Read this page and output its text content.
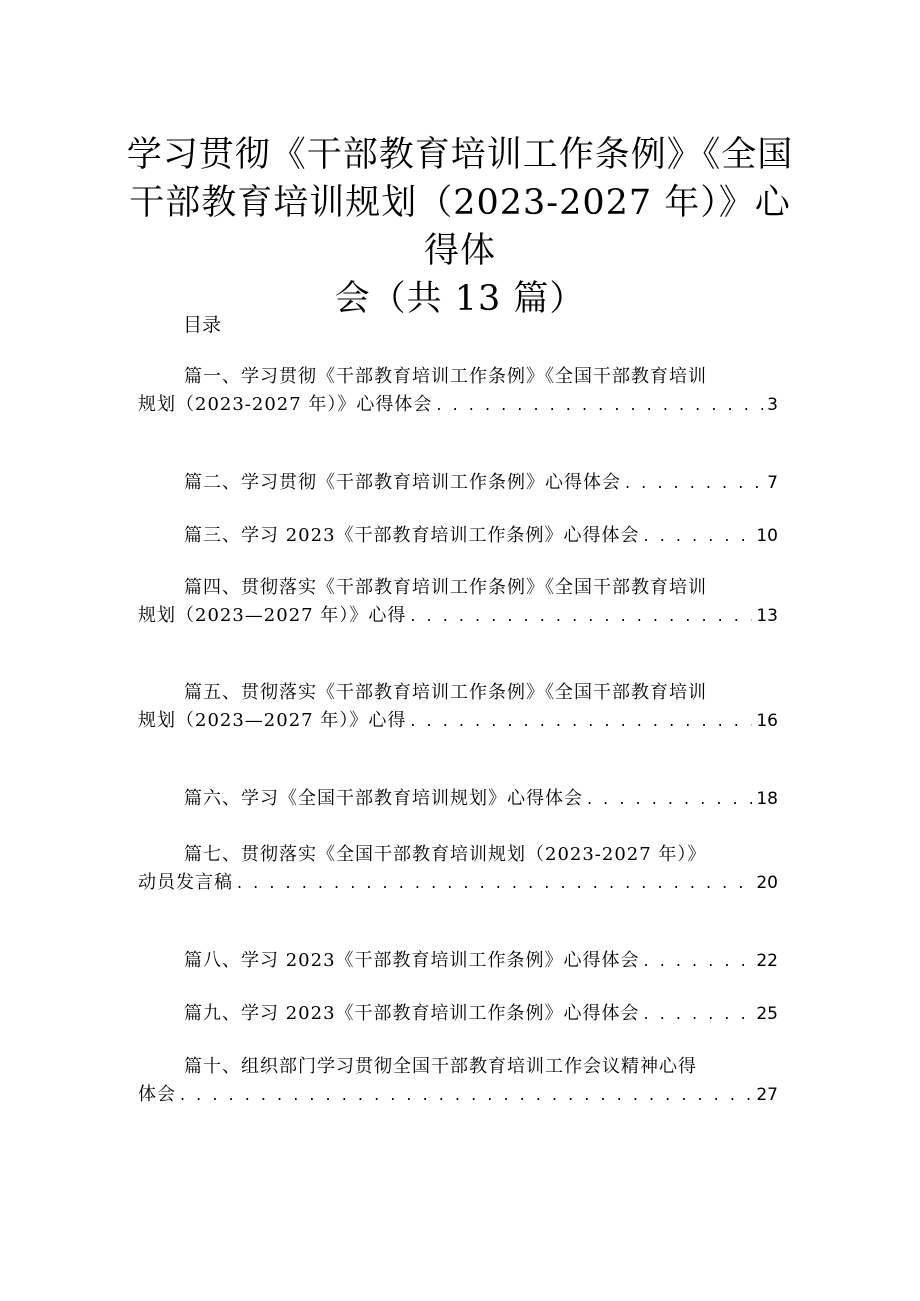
学习贯彻《干部教育培训工作条例》《全国
干部教育培训规划（2023-2027 年）》心得体
会（共 13 篇）
目录
篇一、学习贯彻《干部教育培训工作条例》《全国干部教育培训
规划（2023-2027 年）》心得体会 . . .	3
篇二、学习贯彻《干部教育培训工作条例》心得体会 . . .	7
篇三、学习 2023《干部教育培训工作条例》心得体会 . . .	10
篇四、贯彻落实《干部教育培训工作条例》《全国干部教育培训
规划（2023—2027 年）》心得 . . .	13
篇五、贯彻落实《干部教育培训工作条例》《全国干部教育培训
规划（2023—2027 年）》心得 . . .	16
篇六、学习《全国干部教育培训规划》心得体会 . . .	18
篇七、贯彻落实《全国干部教育培训规划（2023-2027 年）》
动员发言稿 . . .	20
篇八、学习 2023《干部教育培训工作条例》心得体会 . . .	22
篇九、学习 2023《干部教育培训工作条例》心得体会 . . .	25
篇十、组织部门学习贯彻全国干部教育培训工作会议精神心得
体会 . . .	27
